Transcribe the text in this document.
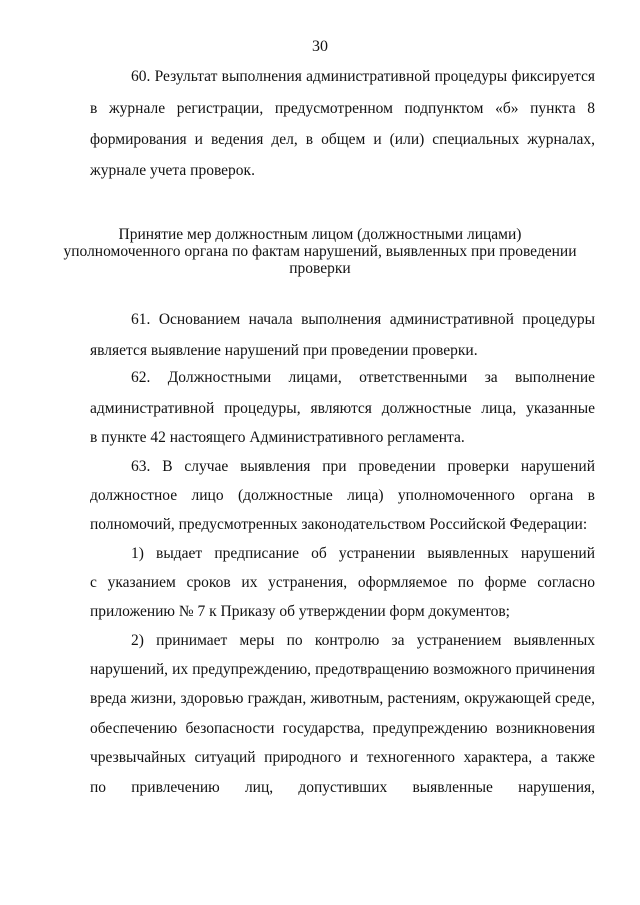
30
60. Результат выполнения административной процедуры фиксируется
в журнале регистрации, предусмотренном подпунктом «б» пункта 8
формирования и ведения дел, в общем и (или) специальных журналах,
журнале учета проверок.
Принятие мер должностным лицом (должностными лицами)
уполномоченного органа по фактам нарушений, выявленных при проведении
проверки
61. Основанием начала выполнения административной процедуры
является выявление нарушений при проведении проверки.
62. Должностными лицами, ответственными за выполнение
административной процедуры, являются должностные лица, указанные
в пункте 42 настоящего Административного регламента.
63. В случае выявления при проведении проверки нарушений
должностное лицо (должностные лица) уполномоченного органа в
полномочий, предусмотренных законодательством Российской Федерации:
1) выдает предписание об устранении выявленных нарушений
с указанием сроков их устранения, оформляемое по форме согласно
приложению № 7 к Приказу об утверждении форм документов;
2) принимает меры по контролю за устранением выявленных
нарушений, их предупреждению, предотвращению возможного причинения
вреда жизни, здоровью граждан, животным, растениям, окружающей среде,
обеспечению безопасности государства, предупреждению возникновения
чрезвычайных ситуаций природного и техногенного характера, а также
по привлечению лиц, допустивших выявленные нарушения,
